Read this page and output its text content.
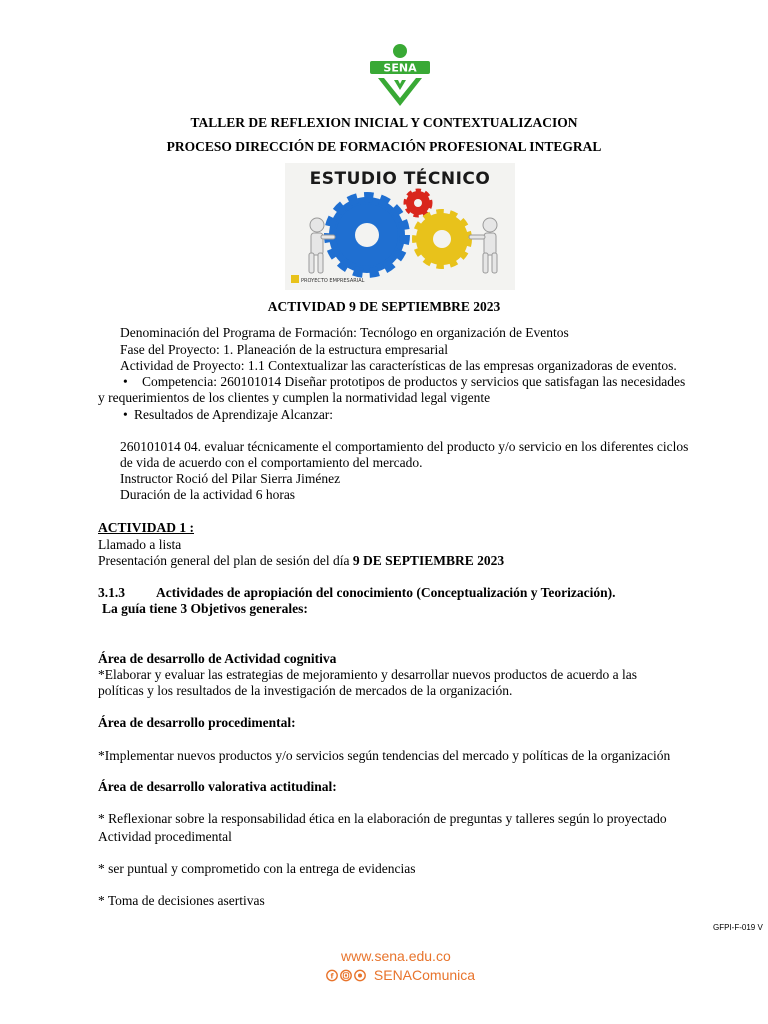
SENA
TALLER DE REFLEXION INICIAL Y CONTEXTUALIZACION
PROCESO DIRECCIÓN DE FORMACIÓN PROFESIONAL INTEGRAL
ESTUDIO TÉCNICO
PROYECTO EMPRESARIAL
ACTIVIDAD 9 DE SEPTIEMBRE 2023
Denominación del Programa de Formación: Tecnólogo en organización de Eventos
Fase del Proyecto: 1. Planeación de la estructura empresarial
Actividad de Proyecto: 1.1 Contextualizar las características de las empresas organizadoras de eventos.
• Competencia: 260101014 Diseñar prototipos de productos y servicios que satisfagan las necesidades
y requerimientos de los clientes y cumplen la normatividad legal vigente
• Resultados de Aprendizaje Alcanzar:
260101014 04. evaluar técnicamente el comportamiento del producto y/o servicio en los diferentes ciclos
de vida de acuerdo con el comportamiento del mercado.
Instructor Roció del Pilar Sierra Jiménez
Duración de la actividad 6 horas
ACTIVIDAD 1 :
Llamado a lista
Presentación general del plan de sesión del día 9 DE SEPTIEMBRE 2023
3.1.3 Actividades de apropiación del conocimiento (Conceptualización y Teorización).
La guía tiene 3 Objetivos generales:
Área de desarrollo de Actividad cognitiva
*Elaborar y evaluar las estrategias de mejoramiento y desarrollar nuevos productos de acuerdo a las
políticas y los resultados de la investigación de mercados de la organización.
Área de desarrollo procedimental:
*Implementar nuevos productos y/o servicios según tendencias del mercado y políticas de la organización
Área de desarrollo valorativa actitudinal:
* Reflexionar sobre la responsabilidad ética en la elaboración de preguntas y talleres según lo proyectado
Actividad procedimental
* ser puntual y comprometido con la entrega de evidencias
* Toma de decisiones asertivas
GFPI-F-019 V
www.sena.edu.co
f	SENAComunica
